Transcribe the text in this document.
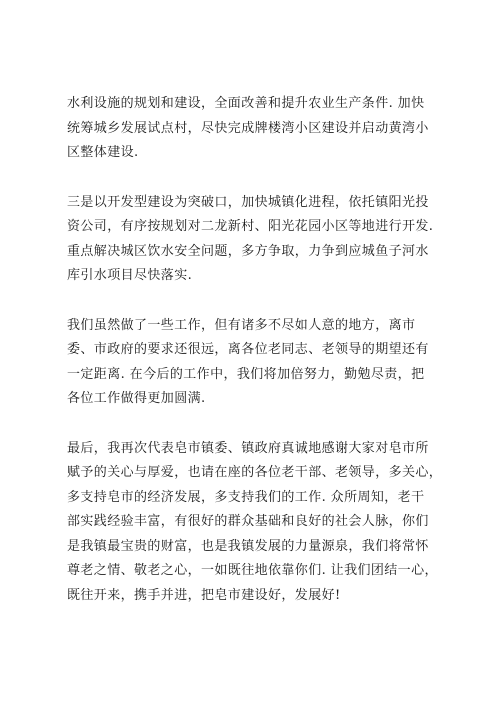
水利设施的规划和建设，全面改善和提升农业生产条件. 加快
统筹城乡发展试点村，尽快完成牌楼湾小区建设并启动黄湾小
区整体建设.
三是以开发型建设为突破口，加快城镇化进程，依托镇阳光投
资公司，有序按规划对二龙新村、阳光花园小区等地进行开发.
重点解决城区饮水安全问题，多方争取，力争到应城鱼子河水
库引水项目尽快落实.
我们虽然做了一些工作，但有诸多不尽如人意的地方，离市
委、市政府的要求还很远，离各位老同志、老领导的期望还有
一定距离. 在今后的工作中，我们将加倍努力，勤勉尽责，把
各位工作做得更加圆满.
最后，我再次代表皂市镇委、镇政府真诚地感谢大家对皂市所
赋予的关心与厚爱，也请在座的各位老干部、老领导，多关心，
多支持皂市的经济发展，多支持我们的工作. 众所周知，老干
部实践经验丰富，有很好的群众基础和良好的社会人脉，你们
是我镇最宝贵的财富，也是我镇发展的力量源泉，我们将常怀
尊老之情、敬老之心，一如既往地依靠你们. 让我们团结一心，
既往开来，携手并进，把皂市建设好，发展好!
